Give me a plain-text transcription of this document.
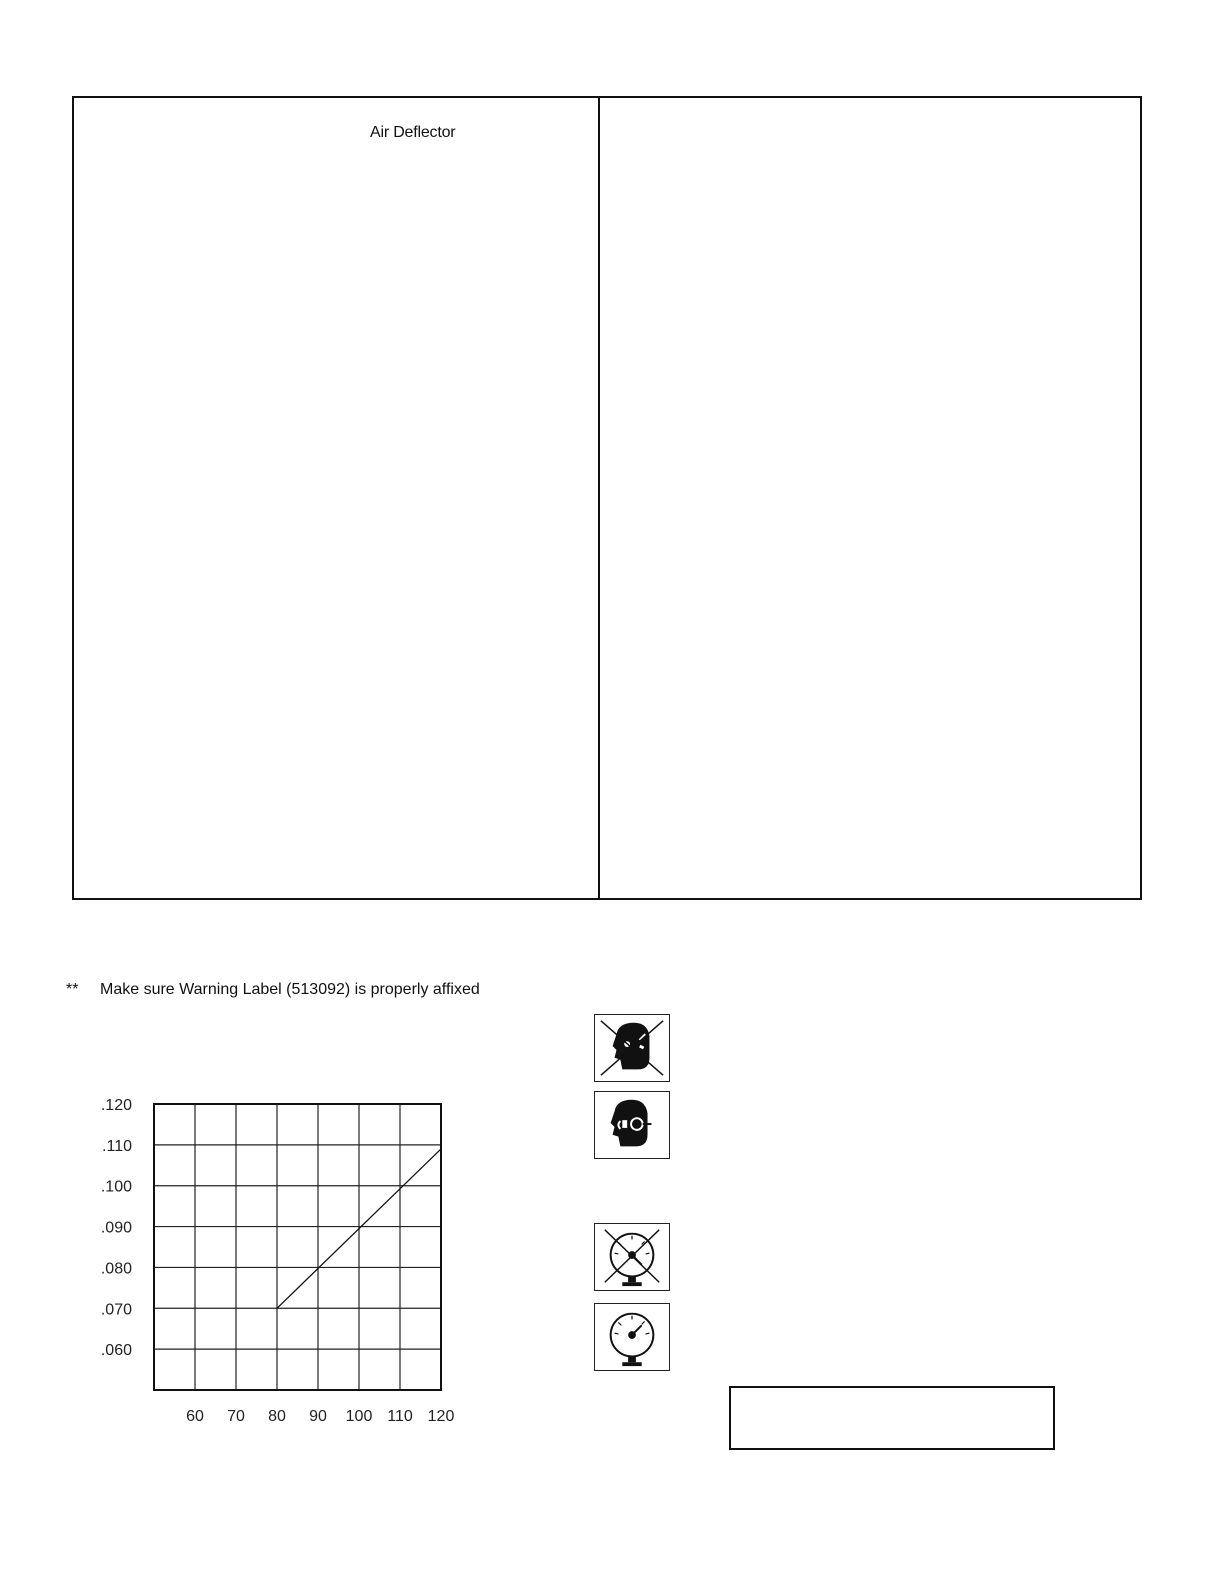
Air Deflector
** Make sure Warning Label (513092) is properly affixed
60 70 80 90 100 110 120
.060
.070
.080
.090
.100
.110
.120
